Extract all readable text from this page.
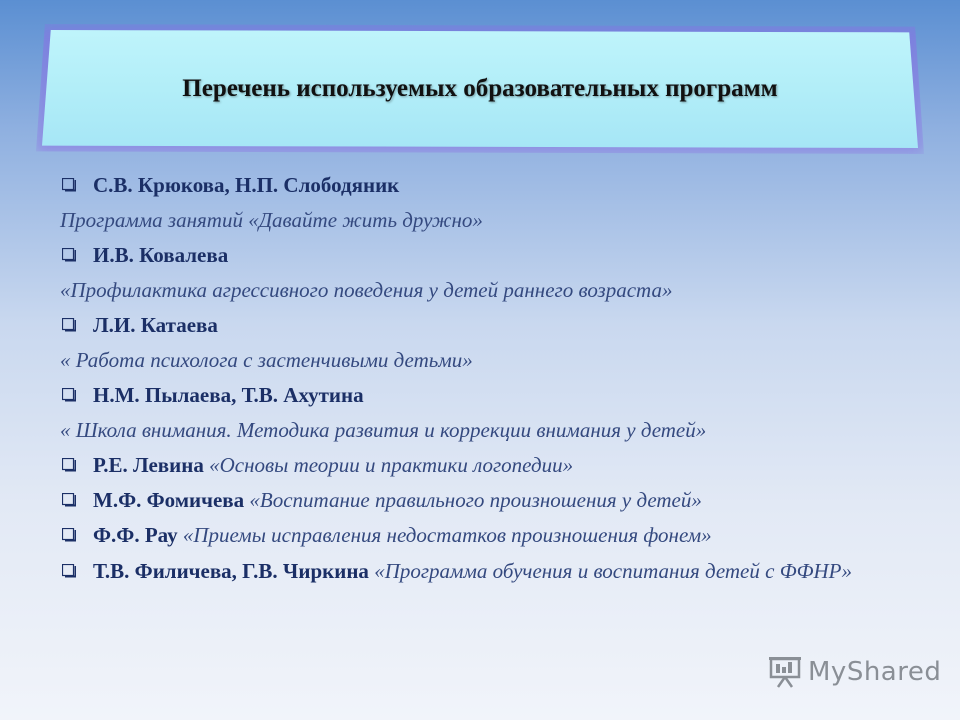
Перечень используемых образовательных программ
С.В. Крюкова, Н.П. Слободяник
Программа занятий «Давайте жить дружно»
И.В. Ковалева
«Профилактика агрессивного поведения у детей раннего возраста»
Л.И. Катаева
« Работа психолога с застенчивыми детьми»
Н.М. Пылаева, Т.В. Ахутина
« Школа внимания. Методика развития и коррекции внимания у детей»
Р.Е. Левина «Основы теории и практики логопедии»
М.Ф. Фомичева «Воспитание правильного произношения у детей»
Ф.Ф. Рау «Приемы исправления недостатков произношения фонем»
Т.В. Филичева, Г.В. Чиркина «Программа обучения и воспитания детей с ФФНР»
MyShared
